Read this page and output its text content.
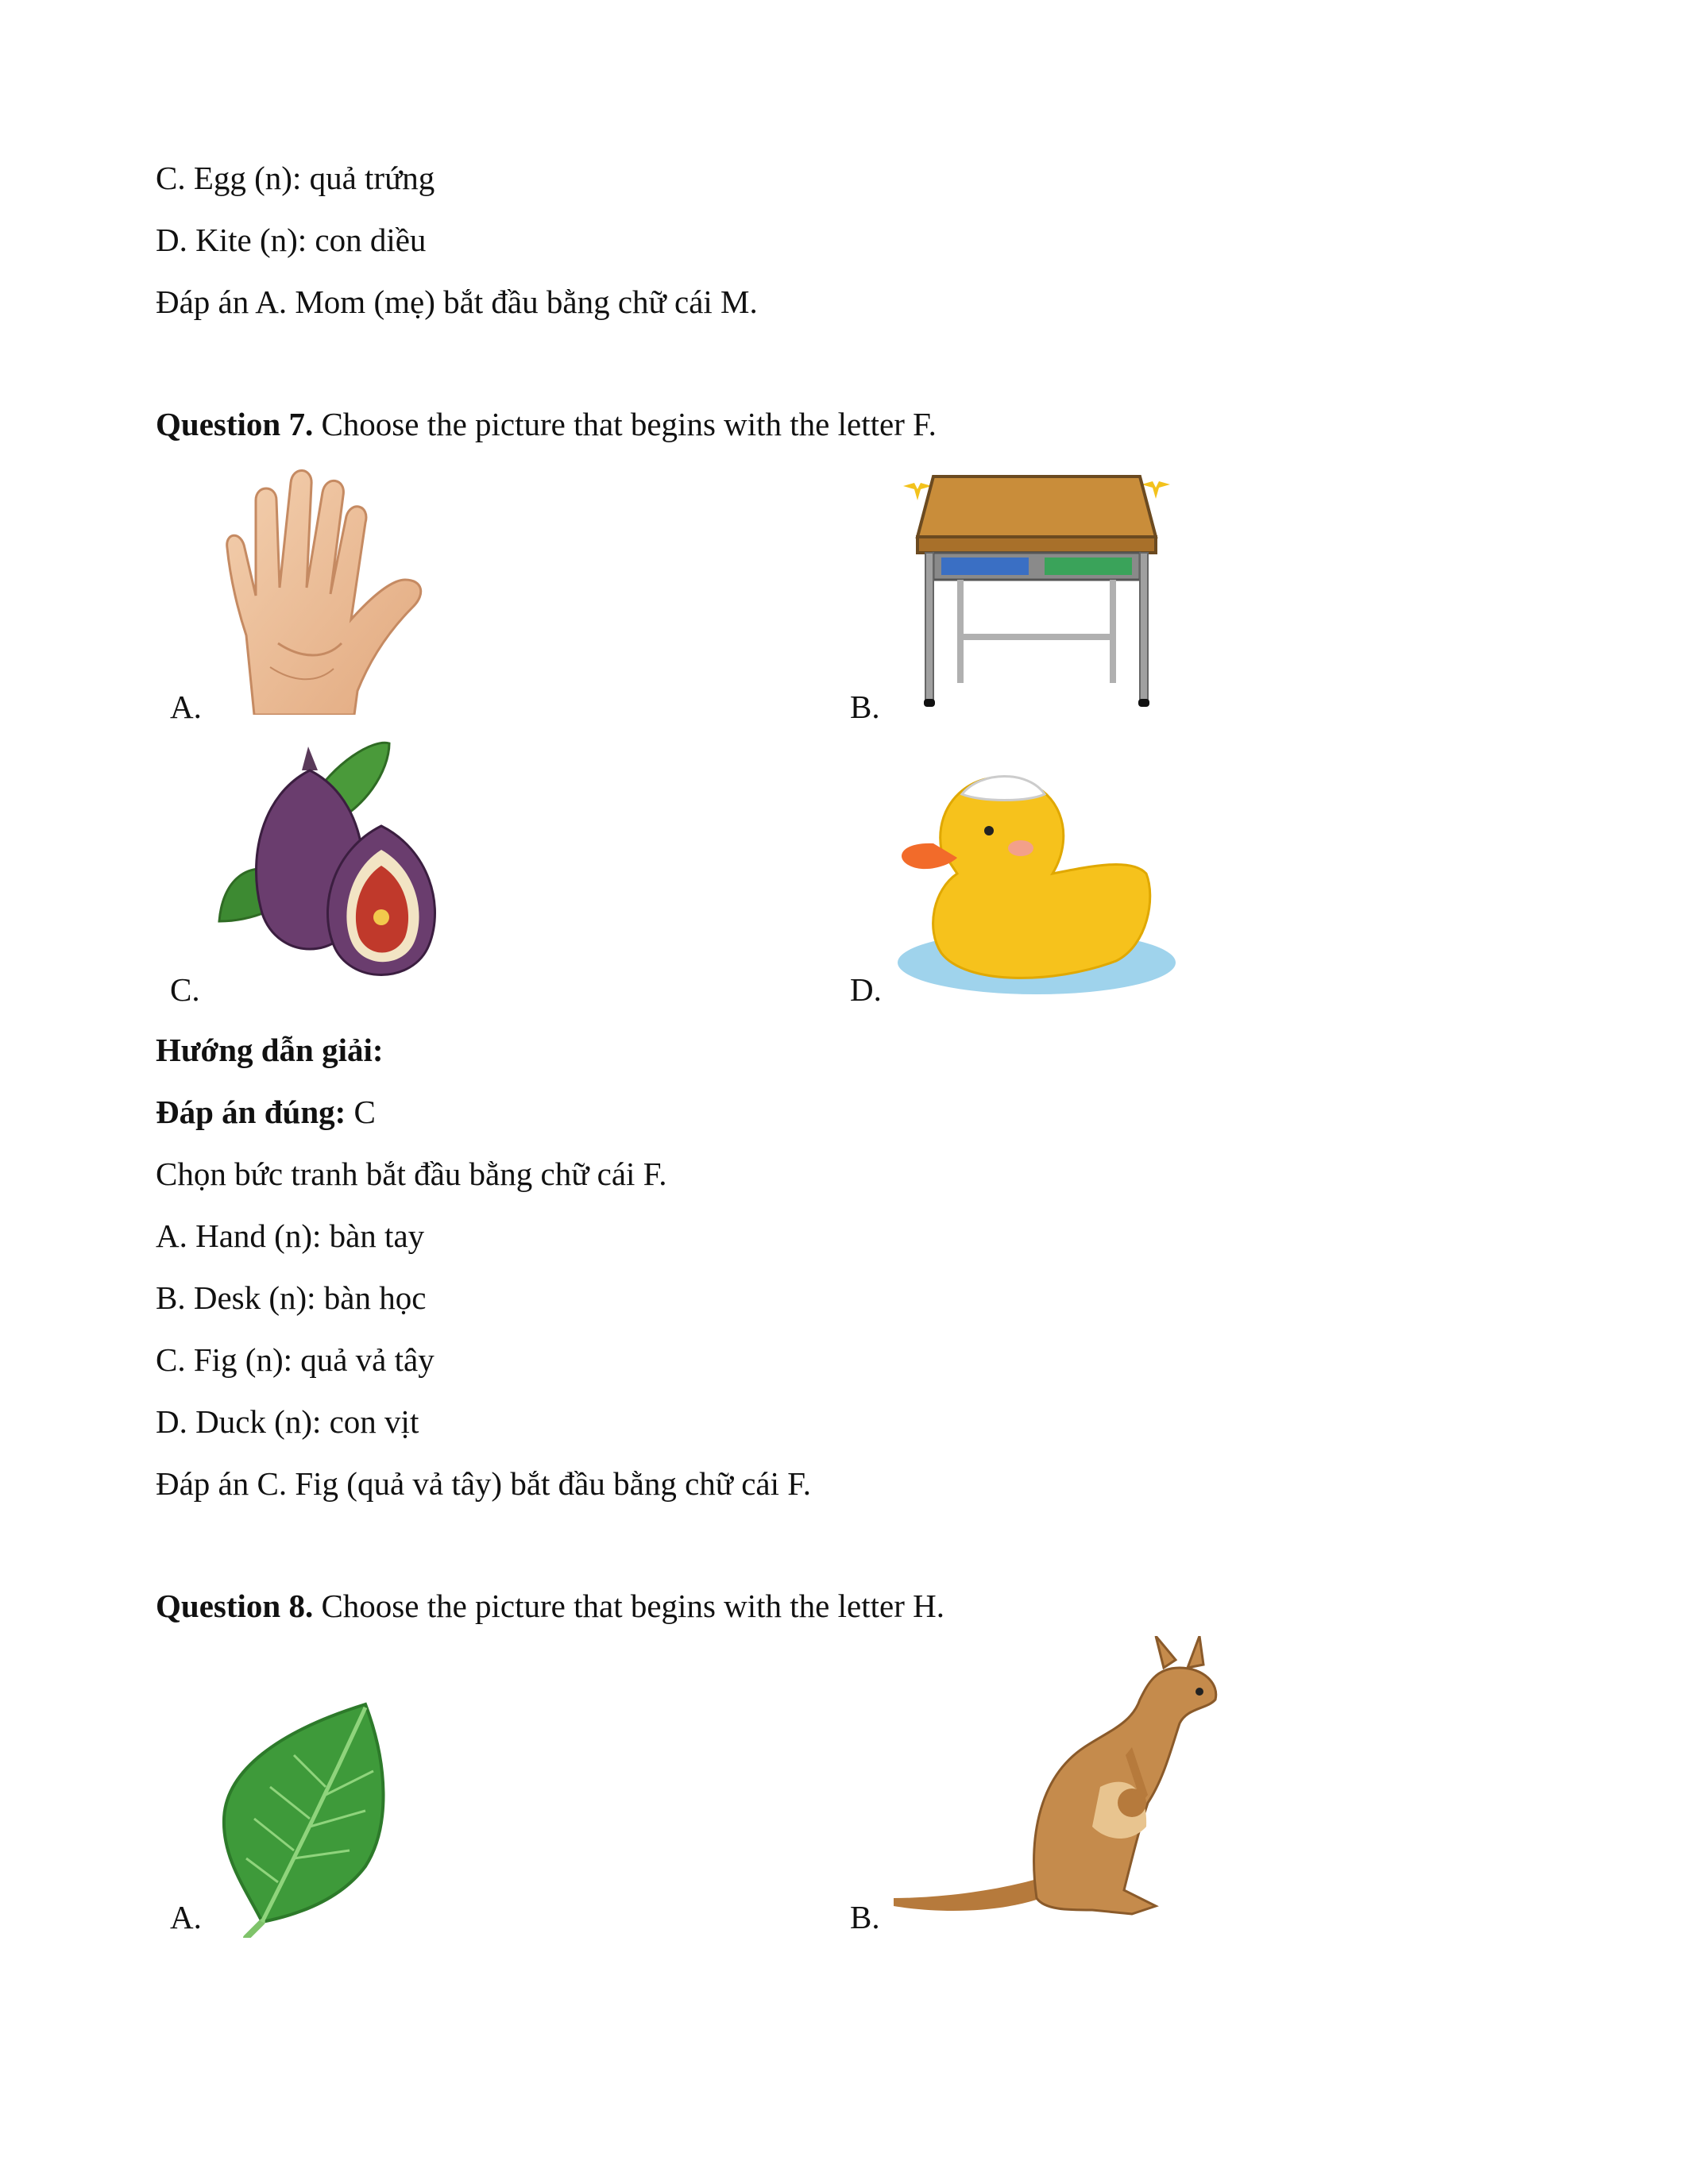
C. Egg (n): quả trứng
D. Kite (n): con diều
Đáp án A. Mom (mẹ) bắt đầu bằng chữ cái M.
Question 7. Choose the picture that begins with the letter F.
A.	B.
C.	D.
Hướng dẫn giải:
Đáp án đúng: C
Chọn bức tranh bắt đầu bằng chữ cái F.
A. Hand (n): bàn tay
B. Desk (n): bàn học
C. Fig (n): quả vả tây
D. Duck (n): con vịt
Đáp án C. Fig (quả vả tây) bắt đầu bằng chữ cái F.
Question 8. Choose the picture that begins with the letter H.
A.	B.
